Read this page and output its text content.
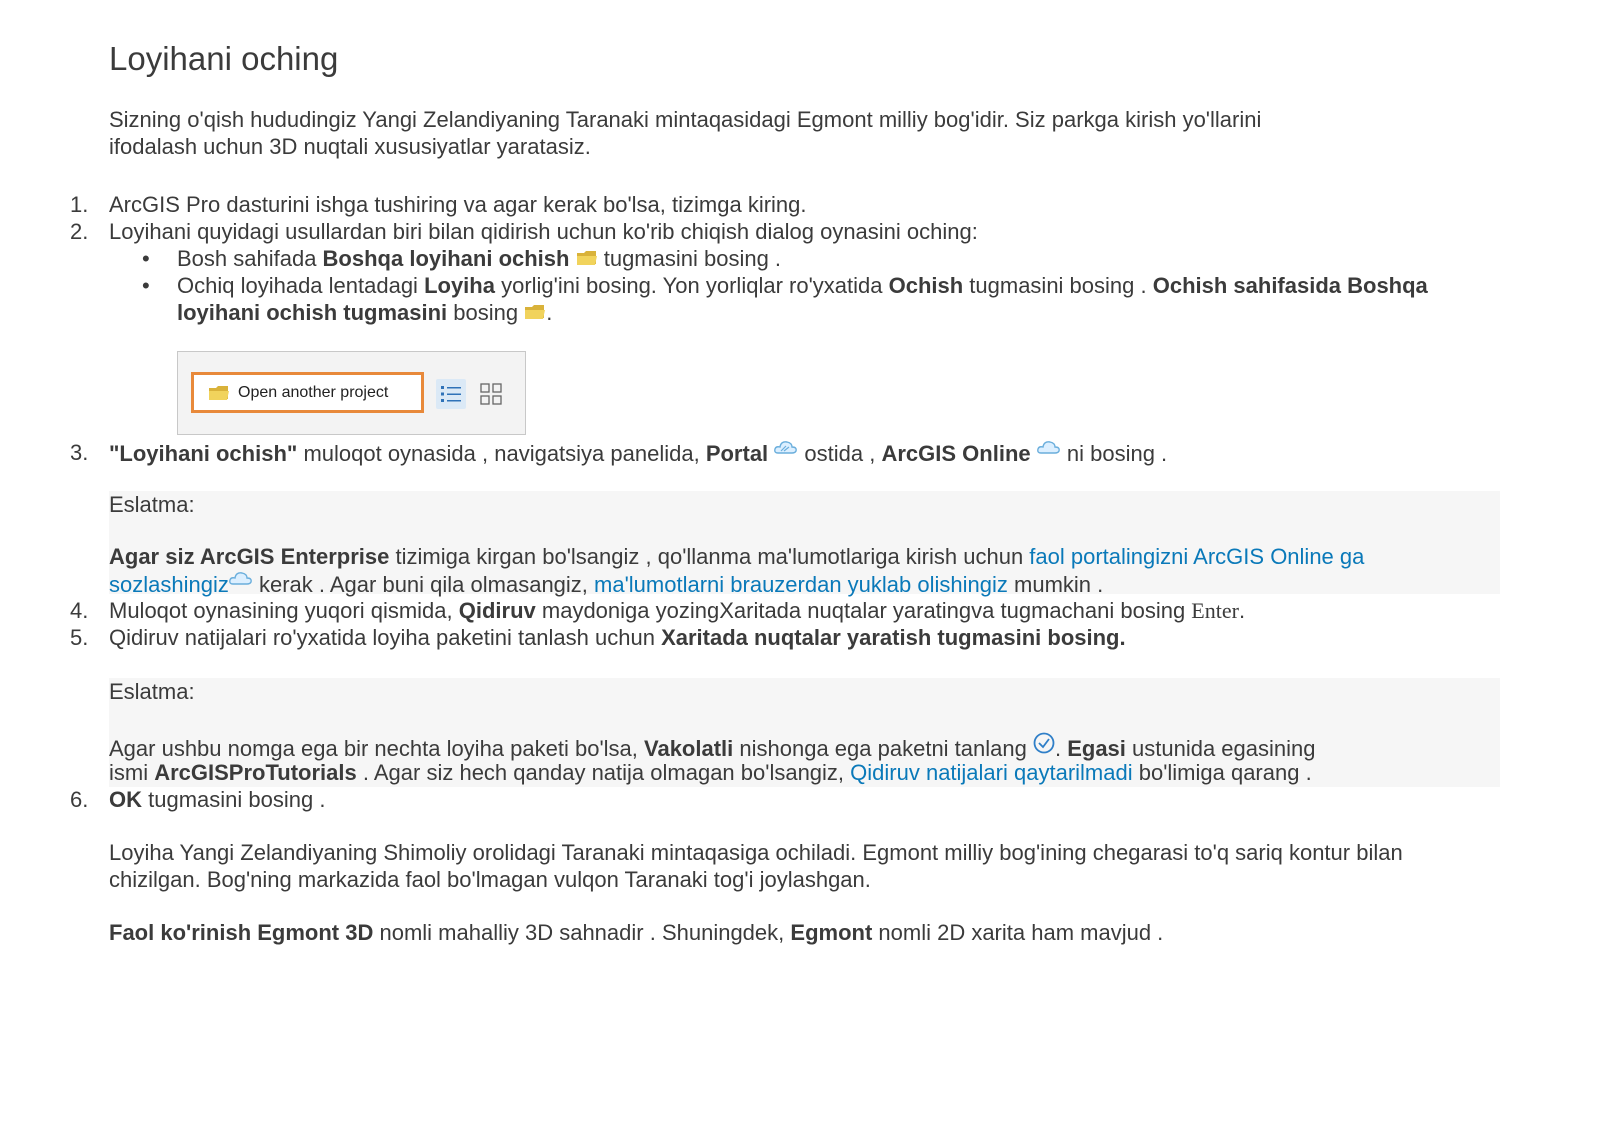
Loyihani oching

Sizning o'qish hududingiz Yangi Zelandiyaning Taranaki mintaqasidagi Egmont milliy bog'idir. Siz parkga kirish yo'llarini

ifodalash uchun 3D nuqtali xususiyatlar yaratasiz.

1. ArcGIS Pro dasturini ishga tushiring va agar kerak bo'lsa, tizimga kiring.
2. Loyihani quyidagi usullardan biri bilan qidirish uchun ko'rib chiqish dialog oynasini oching:
• Bosh sahifada Boshqa loyihani ochish  tugmasini bosing .
• Ochiq loyihada lentadagi Loyiha yorlig'ini bosing. Yon yorliqlar ro'yxatida Ochish tugmasini bosing . Ochish sahifasida Boshqa
loyihani ochish tugmasini bosing .
Open another project
3. "Loyihani ochish" muloqot oynasida , navigatsiya panelida, Portal  ostida , ArcGIS Online  ni bosing .

Eslatma:

Agar siz ArcGIS Enterprise tizimiga kirgan bo'lsangiz , qo'llanma ma'lumotlariga kirish uchun faol portalingizni ArcGIS Online ga

sozlashingiz kerak . Agar buni qila olmasangiz, ma'lumotlarni brauzerdan yuklab olishingiz mumkin .

4. Muloqot oynasining yuqori qismida, Qidiruv maydoniga yozingXaritada nuqtalar yaratingva tugmachani bosing Enter.
5. Qidiruv natijalari ro'yxatida loyiha paketini tanlash uchun Xaritada nuqtalar yaratish tugmasini bosing.

Eslatma:

Agar ushbu nomga ega bir nechta loyiha paketi bo'lsa, Vakolatli nishonga ega paketni tanlang . Egasi ustunida egasining

ismi ArcGISProTutorials . Agar siz hech qanday natija olmagan bo'lsangiz, Qidiruv natijalari qaytarilmadi bo'limiga qarang .

6. OK tugmasini bosing .

Loyiha Yangi Zelandiyaning Shimoliy orolidagi Taranaki mintaqasiga ochiladi. Egmont milliy bog'ining chegarasi to'q sariq kontur bilan

chizilgan. Bog'ning markazida faol bo'lmagan vulqon Taranaki tog'i joylashgan.

Faol ko'rinish Egmont 3D nomli mahalliy 3D sahnadir . Shuningdek, Egmont nomli 2D xarita ham mavjud .
